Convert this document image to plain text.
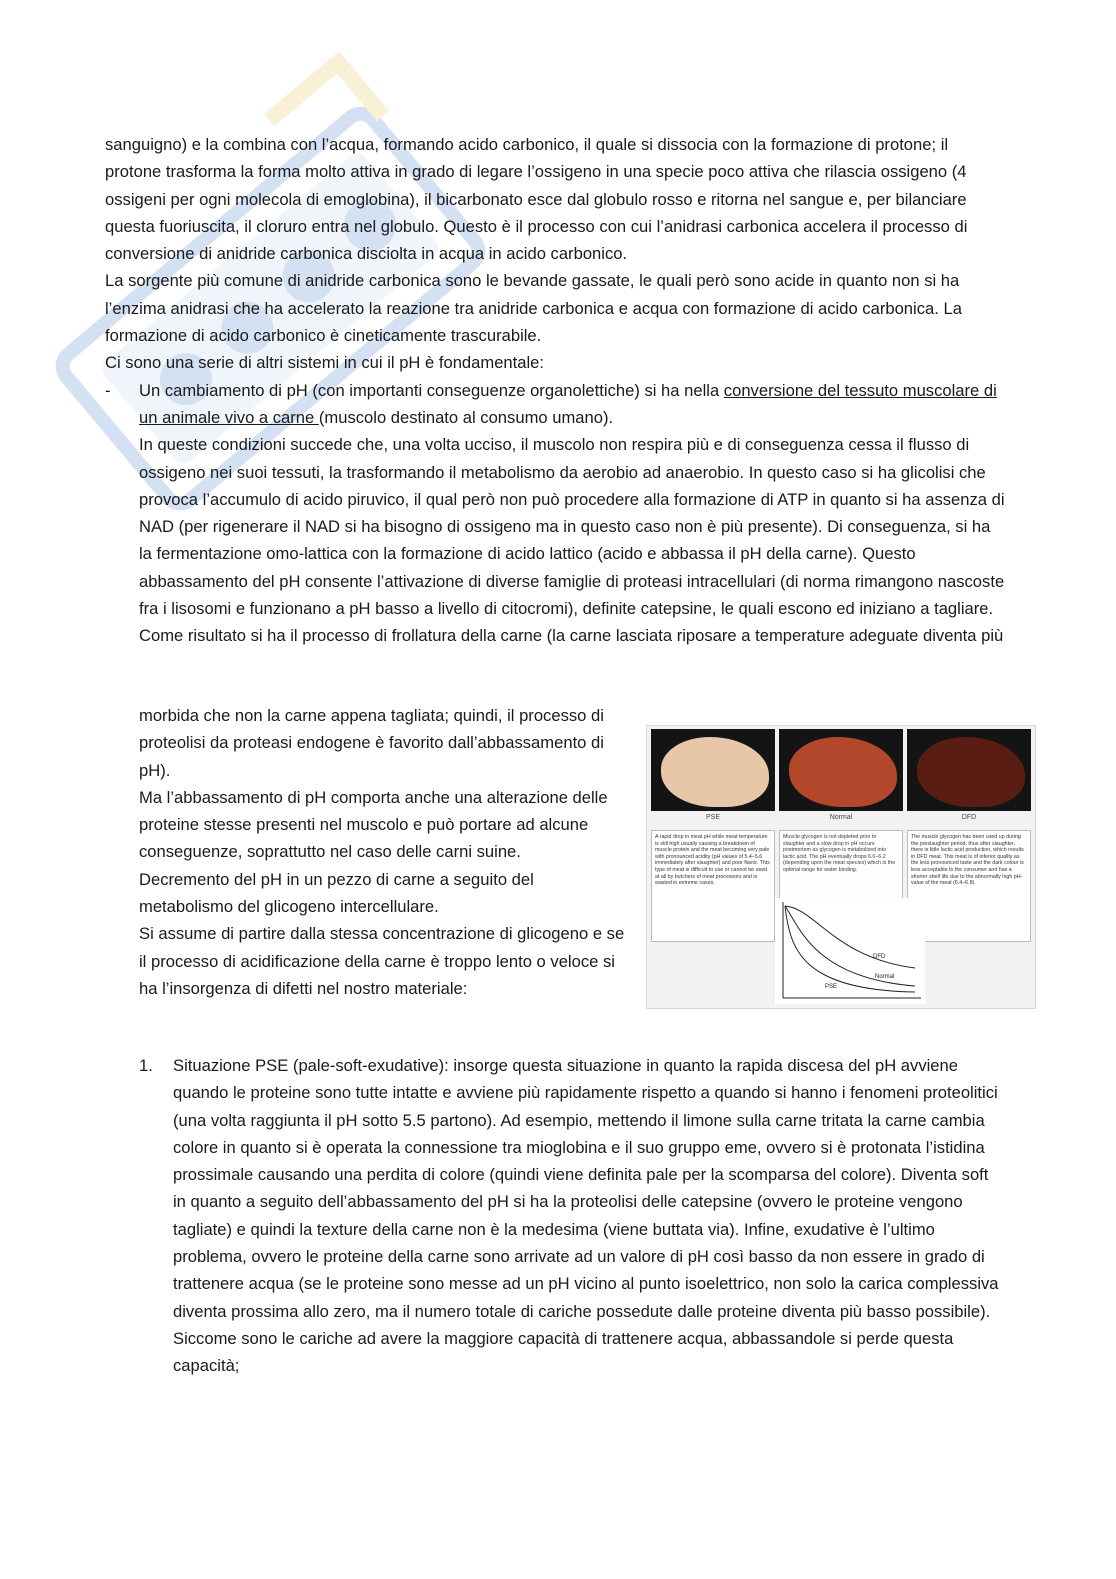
sanguigno) e la combina con l’acqua, formando acido carbonico, il quale si dissocia con la formazione di protone; il protone trasforma la forma molto attiva in grado di legare l’ossigeno in una specie poco attiva che rilascia ossigeno (4 ossigeni per ogni molecola di emoglobina), il bicarbonato esce dal globulo rosso e ritorna nel sangue e, per bilanciare questa fuoriuscita, il cloruro entra nel globulo. Questo è il processo con cui l’anidrasi carbonica accelera il processo di conversione di anidride carbonica disciolta in acqua in acido carbonico.

La sorgente più comune di anidride carbonica sono le bevande gassate, le quali però sono acide in quanto non si ha l’enzima anidrasi che ha accelerato la reazione tra anidride carbonica e acqua con formazione di acido carbonica. La formazione di acido carbonico è cineticamente trascurabile.

Ci sono una serie di altri sistemi in cui il pH è fondamentale:

- Un cambiamento di pH (con importanti conseguenze organolettiche) si ha nella conversione del tessuto muscolare di un animale vivo a carne (muscolo destinato al consumo umano).

In queste condizioni succede che, una volta ucciso, il muscolo non respira più e di conseguenza cessa il flusso di ossigeno nei suoi tessuti, la trasformando il metabolismo da aerobio ad anaerobio. In questo caso si ha glicolisi che provoca l’accumulo di acido piruvico, il qual però non può procedere alla formazione di ATP in quanto si ha assenza di NAD (per rigenerare il NAD si ha bisogno di ossigeno ma in questo caso non è più presente). Di conseguenza, si ha la fermentazione omo-lattica con la formazione di acido lattico (acido e abbassa il pH della carne). Questo abbassamento del pH consente l’attivazione di diverse famiglie di proteasi intracellulari (di norma rimangono nascoste fra i lisosomi e funzionano a pH basso a livello di citocromi), definite catepsine, le quali escono ed iniziano a tagliare. Come risultato si ha il processo di frollatura della carne (la carne lasciata riposare a temperature adeguate diventa più

morbida che non la carne appena tagliata; quindi, il processo di proteolisi da proteasi endogene è favorito dall’abbassamento di pH).

Ma l’abbassamento di pH comporta anche una alterazione delle proteine stesse presenti nel muscolo e può portare ad alcune conseguenze, soprattutto nel caso delle carni suine.

Decremento del pH in un pezzo di carne a seguito del metabolismo del glicogeno intercellulare.

Si assume di partire dalla stessa concentrazione di glicogeno e se il processo di acidificazione della carne è troppo lento o veloce si ha l’insorgenza di difetti nel nostro materiale:

1. Situazione PSE (pale-soft-exudative): insorge questa situazione in quanto la rapida discesa del pH avviene quando le proteine sono tutte intatte e avviene più rapidamente rispetto a quando si hanno i fenomeni proteolitici (una volta raggiunta il pH sotto 5.5 partono). Ad esempio, mettendo il limone sulla carne tritata la carne cambia colore in quanto si è operata la connessione tra mioglobina e il suo gruppo eme, ovvero si è protonata l’istidina prossimale causando una perdita di colore (quindi viene definita pale per la scomparsa del colore). Diventa soft in quanto a seguito dell’abbassamento del pH si ha la proteolisi delle catepsine (ovvero le proteine vengono tagliate) e quindi la texture della carne non è la medesima (viene buttata via). Infine, exudative è l’ultimo problema, ovvero le proteine della carne sono arrivate ad un valore di pH così basso da non essere in grado di trattenere acqua (se le proteine sono messe ad un pH vicino al punto isoelettrico, non solo la carica complessiva diventa prossima allo zero, ma il numero totale di cariche possedute dalle proteine diventa più basso possibile). Siccome sono le cariche ad avere la maggiore capacità di trattenere acqua, abbassandole si perde questa capacità;
PSE	Normal	DFD
A rapid drop in meat pH while meat temperature is still high usually causing a breakdown of muscle protein and the meat becoming very pale with pronounced acidity (pH values of 5.4–5.6 immediately after slaughter) and poor flavor. This type of meat is difficult to use or cannot be used at all by butchers of meat processors and is wasted in extreme cases.
Muscle glycogen is not depleted prior to slaughter and a slow drop in pH occurs postmortem as glycogen is metabolized into lactic acid. The pH eventually drops 6.0–6.2 (depending upon the meat species) which is the optimal range for water binding.
The muscle glycogen has been used up during the preslaughter period, thus after slaughter, there is little lactic acid production, which results in DFD meat. This meat is of inferior quality as the less pronounced taste and the dark colour is less acceptable to the consumer and has a shorter shelf life due to the abnormally high pH-value of the meat (6.4–6.8).
DFD
Normal
PSE
